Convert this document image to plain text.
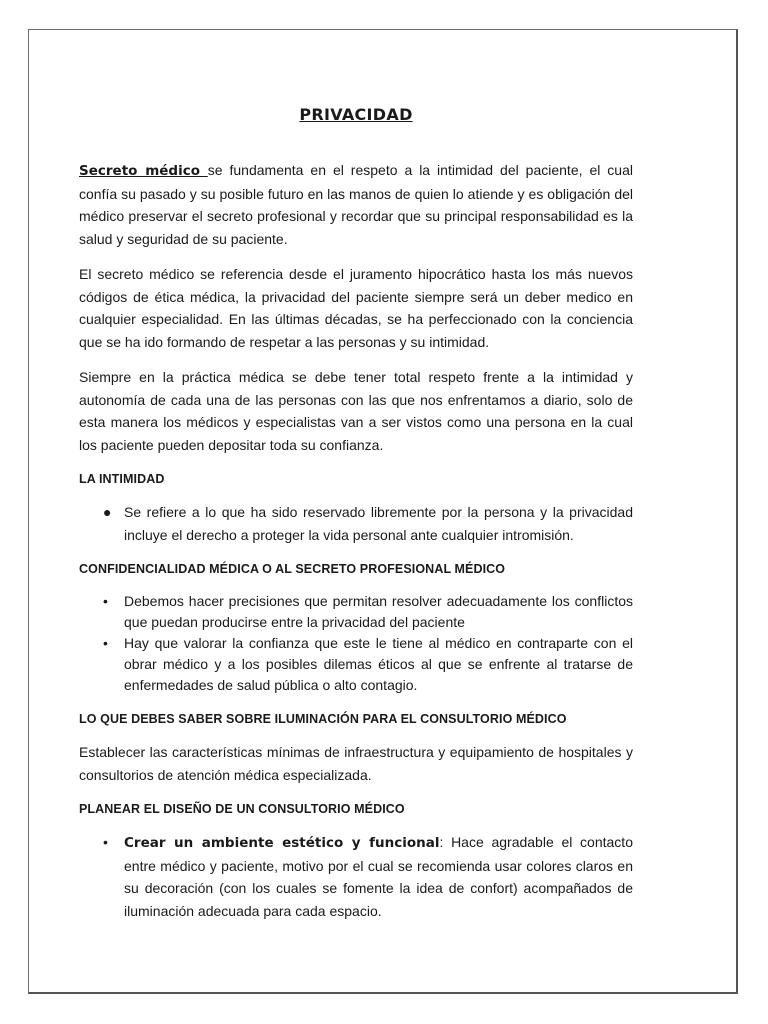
PRIVACIDAD

Secreto médico se fundamenta en el respeto a la intimidad del paciente, el cual confía su pasado y su posible futuro en las manos de quien lo atiende y es obligación del médico preservar el secreto profesional y recordar que su principal responsabilidad es la salud y seguridad de su paciente.

El secreto médico se referencia desde el juramento hipocrático hasta los más nuevos códigos de ética médica, la privacidad del paciente siempre será un deber medico en cualquier especialidad. En las últimas décadas, se ha perfeccionado con la conciencia que se ha ido formando de respetar a las personas y su intimidad.

Siempre en la práctica médica se debe tener total respeto frente a la intimidad y autonomía de cada una de las personas con las que nos enfrentamos a diario, solo de esta manera los médicos y especialistas van a ser vistos como una persona en la cual los paciente pueden depositar toda su confianza.

LA INTIMIDAD
● Se refiere a lo que ha sido reservado libremente por la persona y la privacidad incluye el derecho a proteger la vida personal ante cualquier intromisión.
CONFIDENCIALIDAD MÉDICA O AL SECRETO PROFESIONAL MÉDICO
• Debemos hacer precisiones que permitan resolver adecuadamente los conflictos que puedan producirse entre la privacidad del paciente
• Hay que valorar la confianza que este le tiene al médico en contraparte con el obrar médico y a los posibles dilemas éticos al que se enfrente al tratarse de enfermedades de salud pública o alto contagio.
LO QUE DEBES SABER SOBRE ILUMINACIÓN PARA EL CONSULTORIO MÉDICO

Establecer las características mínimas de infraestructura y equipamiento de hospitales y consultorios de atención médica especializada.

PLANEAR EL DISEÑO DE UN CONSULTORIO MÉDICO
• Crear un ambiente estético y funcional: Hace agradable el contacto entre médico y paciente, motivo por el cual se recomienda usar colores claros en su decoración (con los cuales se fomente la idea de confort) acompañados de iluminación adecuada para cada espacio.
